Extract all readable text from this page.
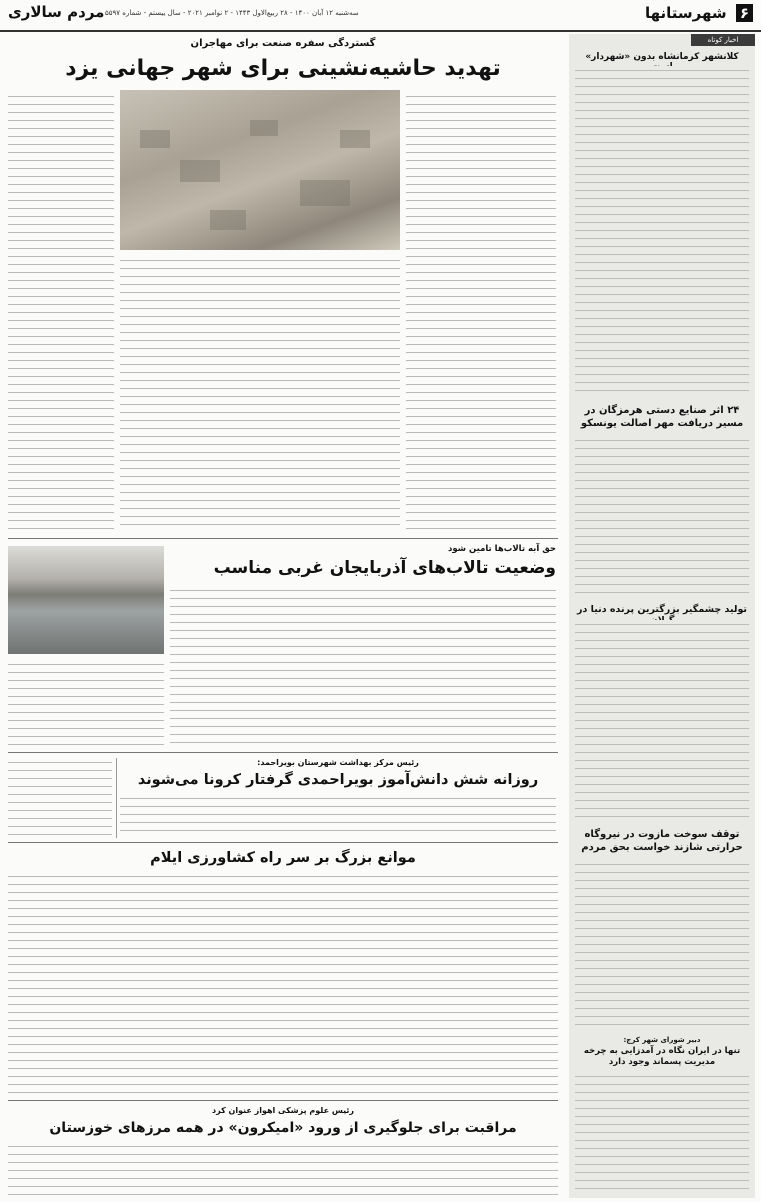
۶ شهرستانها
سه‌شنبه ۱۲ آبان ۱۴۰۰ - ۲۸ ربیع‌الاول ۱۴۴۳ - ۲ نوامبر ۲۰۲۱ - سال ییستم - شماره ۵۵۹۷
مردم سالاری
اخبار کوتاه
کلانشهر کرمانشاه بدون «شهردار»
۲۴ اثر صنایع دستی هرمزگان در مسیر دریافت مهر اصالت یونسکو
تولید چشمگیر بزرگترین پرنده دنیا در
توقف سوخت مازوت در نیروگاه حرارتی شازند خواست بحق مردم
دبیر شورای شهر کرج:
تنها در ایران نگاه در آمدزایی به چرخه مدیریت پسماند وجود دارد
گستردگی سفره صنعت برای مهاجران
تهدید حاشیه‌نشینی برای شهر جهانی یزد
حق آبه تالاب‌ها تامین شود
وضعیت تالاب‌های آذربایجان غربی مناسب
رئیس مرکز بهداشت شهرستان بویراحمد:
روزانه شش دانش‌آموز بویراحمدی گرفتار کرونا می‌شوند
موانع بزرگ بر سر راه کشاورزی ایلام
رئیس علوم پزشکی اهواز عنوان کرد
مراقبت برای جلوگیری از ورود «امیکرون» در همه مرزهای خوزستان
